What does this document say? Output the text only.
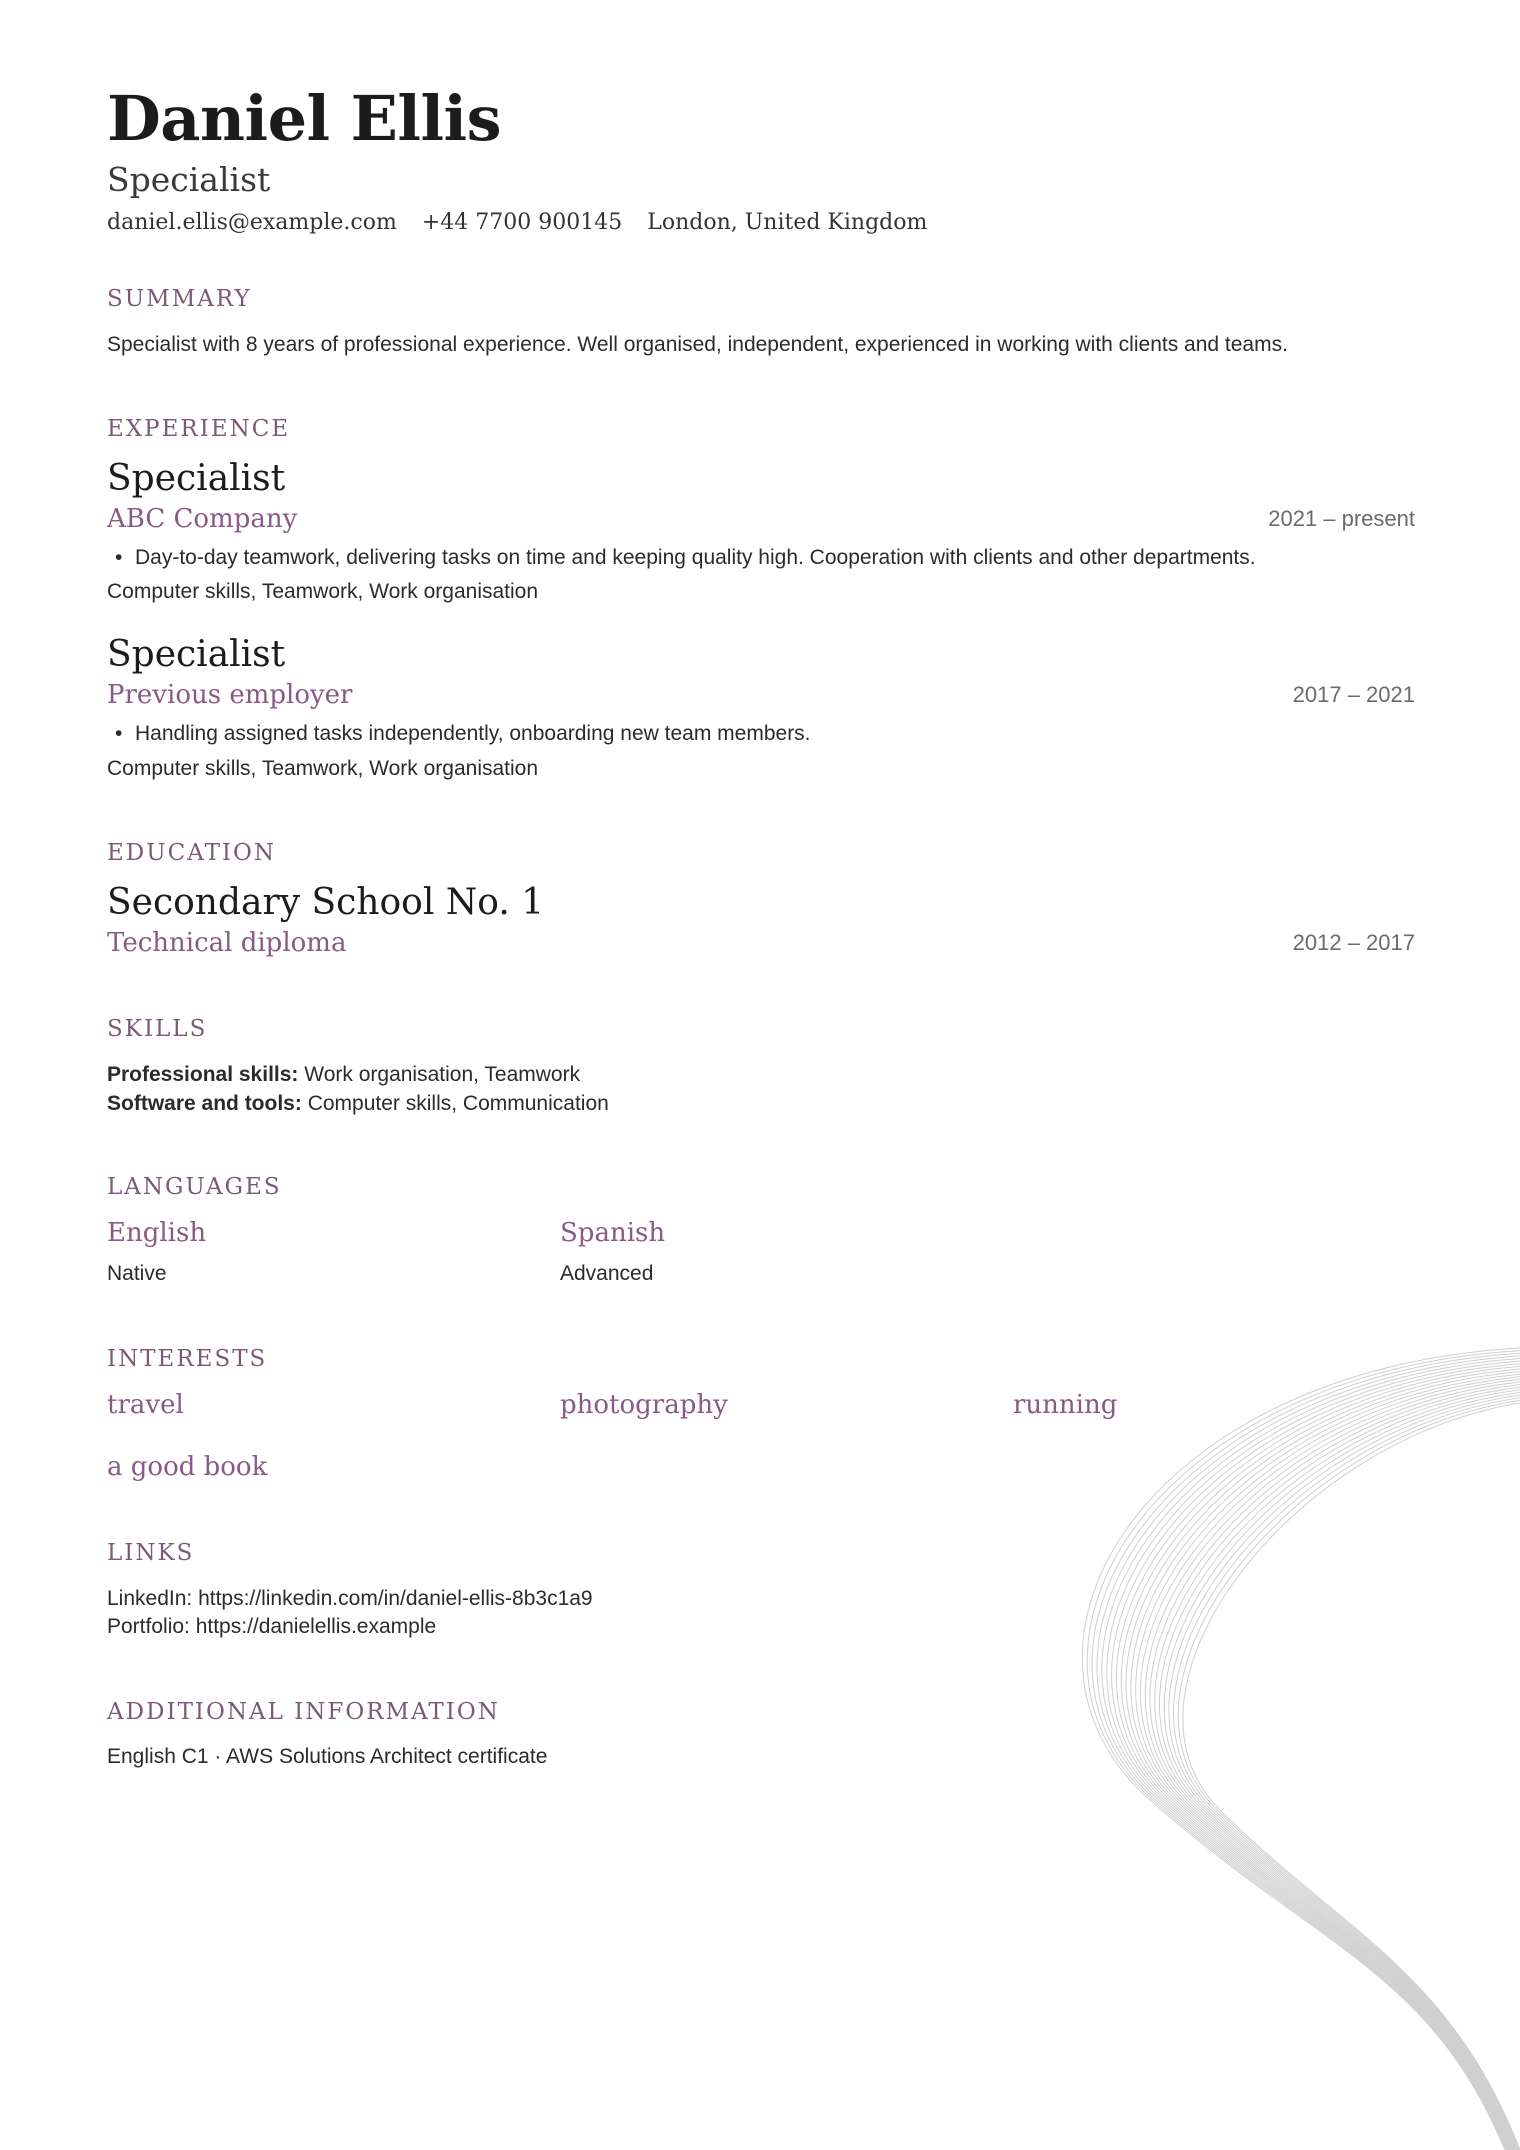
Daniel Ellis
Specialist
daniel.ellis@example.com +44 7700 900145 London, United Kingdom
SUMMARY
Specialist with 8 years of professional experience. Well organised, independent, experienced in working with clients and teams.
EXPERIENCE
Specialist
ABC Company	2021 – present
• Day-to-day teamwork, delivering tasks on time and keeping quality high. Cooperation with clients and other departments.
Computer skills, Teamwork, Work organisation
Specialist
Previous employer	2017 – 2021
• Handling assigned tasks independently, onboarding new team members.
Computer skills, Teamwork, Work organisation
EDUCATION
Secondary School No. 1
Technical diploma	2012 – 2017
SKILLS
Professional skills: Work organisation, Teamwork
Software and tools: Computer skills, Communication
LANGUAGES
English
Native
Spanish
Advanced
INTERESTS
travel	photography	running
a good book
LINKS
LinkedIn: https://linkedin.com/in/daniel-ellis-8b3c1a9
Portfolio: https://danielellis.example
ADDITIONAL INFORMATION
English C1 · AWS Solutions Architect certificate
